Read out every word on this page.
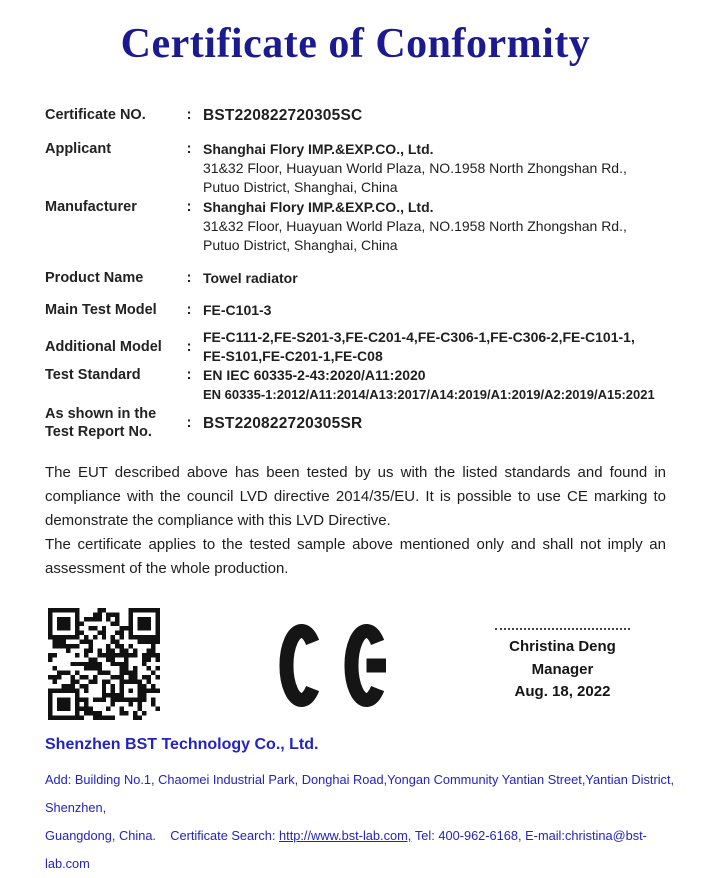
Certificate of Conformity
Certificate NO.	: BST220822720305SC
Applicant	: Shanghai Flory IMP.&EXP.CO., Ltd.
31&32 Floor, Huayuan World Plaza, NO.1958 North Zhongshan Rd.,
Putuo District, Shanghai, China
Manufacturer	: Shanghai Flory IMP.&EXP.CO., Ltd.
31&32 Floor, Huayuan World Plaza, NO.1958 North Zhongshan Rd.,
Putuo District, Shanghai, China
Product Name	: Towel radiator
Main Test Model	: FE-C101-3
Additional Model	:
FE-C111-2,FE-S201-3,FE-C201-4,FE-C306-1,FE-C306-2,FE-C101-1,
FE-S101,FE-C201-1,FE-C08
Test Standard	: EN IEC 60335-2-43:2020/A11:2020
EN 60335-1:2012/A11:2014/A13:2017/A14:2019/A1:2019/A2:2019/A15:2021
As shown in the
Test Report No.
: BST220822720305SR

The EUT described above has been tested by us with the listed standards and found in compliance with the council LVD directive 2014/35/EU. It is possible to use CE marking to demonstrate the compliance with this LVD Directive.

The certificate applies to the tested sample above mentioned only and shall not imply an assessment of the whole production.

Christina Deng
Manager
Aug. 18, 2022
Shenzhen BST Technology Co., Ltd.
Add: Building No.1, Chaomei Industrial Park, Donghai Road,Yongan Community Yantian Street,Yantian District, Shenzhen,
Guangdong, China.    Certificate Search: http://www.bst-lab.com, Tel: 400-962-6168, E-mail:christina@bst-lab.com
